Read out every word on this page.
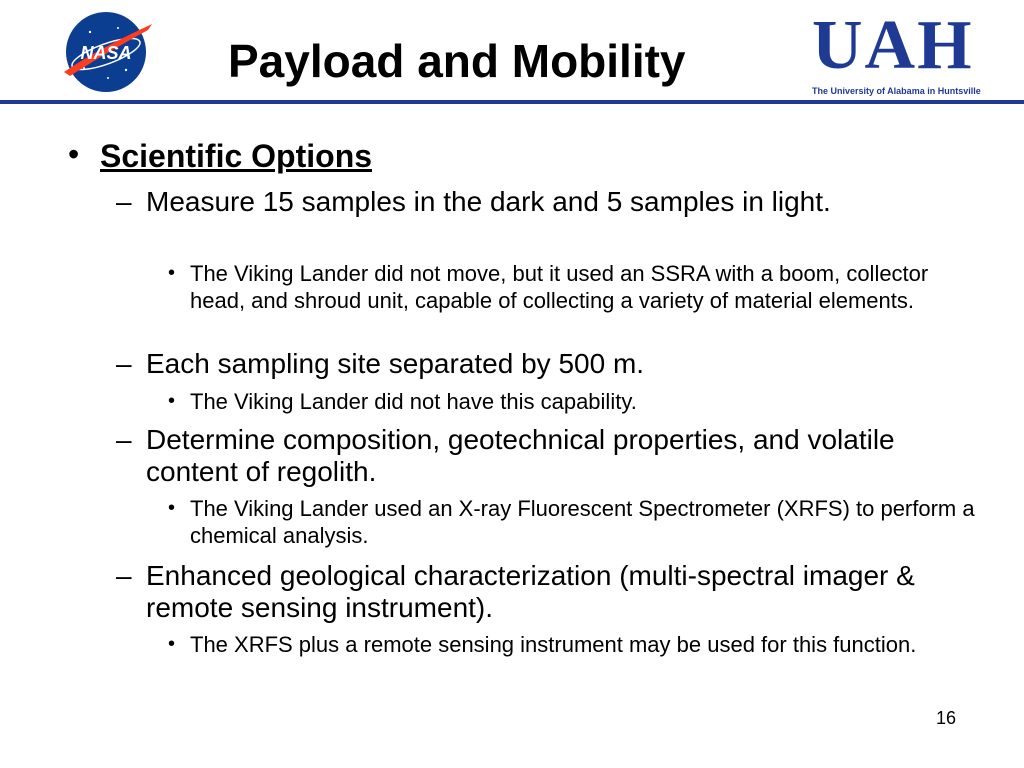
NASA Payload and Mobility UAH
The University of Alabama in Huntsville
• Scientific Options
– Measure 15 samples in the dark and 5 samples in light.
• The Viking Lander did not move, but it used an SSRA with a boom, collector head, and shroud unit, capable of collecting a variety of material elements.
– Each sampling site separated by 500 m.
• The Viking Lander did not have this capability.
– Determine composition, geotechnical properties, and volatile content of regolith.
• The Viking Lander used an X-ray Fluorescent Spectrometer (XRFS) to perform a chemical analysis.
– Enhanced geological characterization (multi-spectral imager & remote sensing instrument).
• The XRFS plus a remote sensing instrument may be used for this function.
16
